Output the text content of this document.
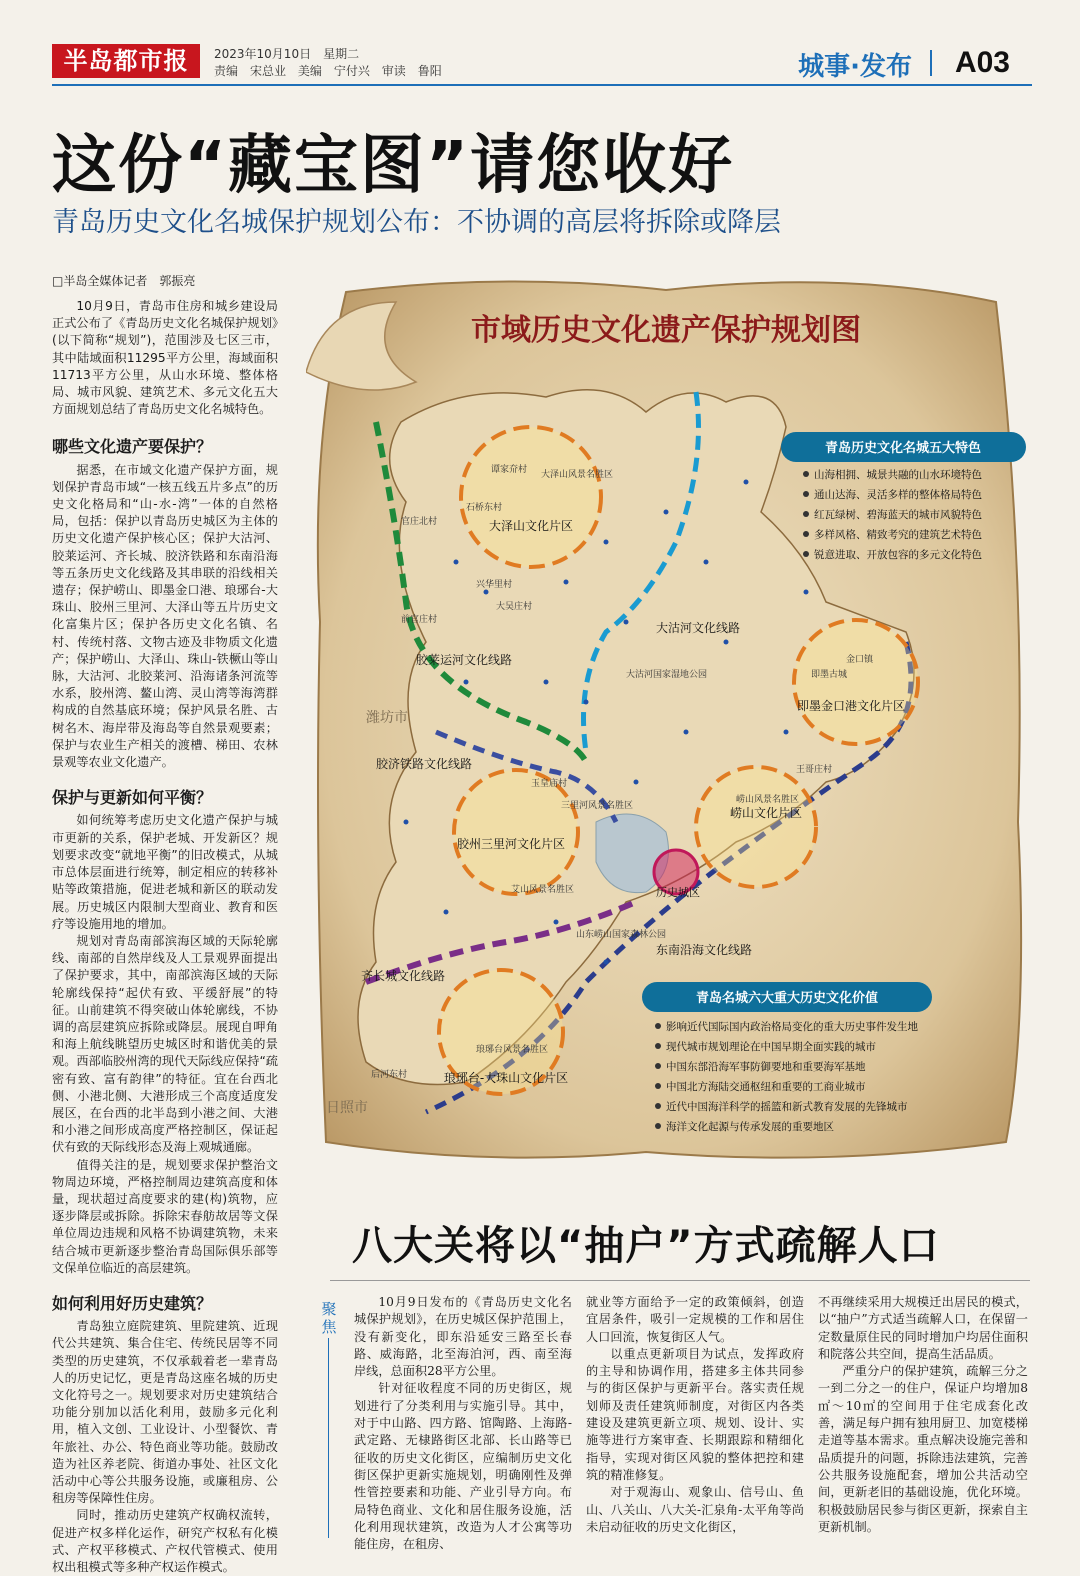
半岛都市报	2023年10月10日　星期二
责编　宋总业 美编　宁付兴 审读　鲁阳	城事·发布 A03
这份“藏宝图”请您收好
青岛历史文化名城保护规划公布：不协调的高层将拆除或降层
□半岛全媒体记者　郭振亮

10月9日，青岛市住房和城乡建设局正式公布了《青岛历史文化名城保护规划》(以下简称“规划”)，范围涉及七区三市，其中陆域面积11295平方公里，海域面积11713平方公里，从山水环境、整体格局、城市风貌、建筑艺术、多元文化五大方面规划总结了青岛历史文化名城特色。

哪些文化遗产要保护？

据悉，在市域文化遗产保护方面，规划保护青岛市域“一核五线五片多点”的历史文化格局和“山-水-湾”一体的自然格局，包括：保护以青岛历史城区为主体的历史文化遗产保护核心区；保护大沽河、胶莱运河、齐长城、胶济铁路和东南沿海等五条历史文化线路及其串联的沿线相关遗存；保护崂山、即墨金口港、琅琊台-大珠山、胶州三里河、大泽山等五片历史文化富集片区；保护各历史文化名镇、名村、传统村落、文物古迹及非物质文化遗产；保护崂山、大泽山、珠山-铁橛山等山脉，大沽河、北胶莱河、沿海诸条河流等水系，胶州湾、鳌山湾、灵山湾等海湾群构成的自然基底环境；保护风景名胜、古树名木、海岸带及海岛等自然景观要素；保护与农业生产相关的渡槽、梯田、农林景观等农业文化遗产。

保护与更新如何平衡？

如何统筹考虑历史文化遗产保护与城市更新的关系，保护老城、开发新区？规划要求改变“就地平衡”的旧改模式，从城市总体层面进行统筹，制定相应的转移补贴等政策措施，促进老城和新区的联动发展。历史城区内限制大型商业、教育和医疗等设施用地的增加。

规划对青岛南部滨海区域的天际轮廓线、南部的自然岸线及人工景观界面提出了保护要求，其中，南部滨海区域的天际轮廓线保持“起伏有致、平缓舒展”的特征。山前建筑不得突破山体轮廓线，不协调的高层建筑应拆除或降层。展现自呷角和海上航线眺望历史城区时和谐优美的景观。西部临胶州湾的现代天际线应保持“疏密有致、富有韵律”的特征。宜在台西北侧、小港北侧、大港形成三个高度适度发展区，在台西的北半岛到小港之间、大港和小港之间形成高度严格控制区，保证起伏有致的天际线形态及海上观城通廊。

值得关注的是，规划要求保护整治文物周边环境，严格控制周边建筑高度和体量，现状超过高度要求的建(构)筑物，应逐步降层或拆除。拆除宋春舫故居等文保单位周边违规和风格不协调建筑物，未来结合城市更新逐步整治青岛国际俱乐部等文保单位临近的高层建筑。

如何利用好历史建筑？

青岛独立庭院建筑、里院建筑、近现代公共建筑、集合住宅、传统民居等不同类型的历史建筑，不仅承载着老一辈青岛人的历史记忆，更是青岛这座名城的历史文化符号之一。规划要求对历史建筑结合功能分别加以活化利用，鼓励多元化利用，植入文创、工业设计、小型餐饮、青年旅社、办公、特色商业等功能。鼓励改造为社区养老院、街道办事处、社区文化活动中心等公共服务设施，或廉租房、公租房等保障性住房。

同时，推动历史建筑产权确权流转，促进产权多样化运作，研究产权私有化模式、产权平移模式、产权代管模式、使用权出租模式等多种产权运作模式。

市域历史文化遗产保护规划图
大泽山文化片区
即墨金口港文化片区
崂山文化片区
胶州三里河文化片区
琅琊台-大珠山文化片区
历史城区
胶莱运河文化线路
大沽河文化线路
胶济铁路文化线路
齐长城文化线路
东南沿海文化线路
潍坊市
日照市
谭家夼村
石桥东村
大泽山风景名胜区
官庄北村
兴华里村
大吴庄村
前官庄村
玉皇庙村
三里河风景名胜区
艾山风景名胜区
琅琊台风景名胜区
后河东村
崂山风景名胜区
即墨古城
金口镇
大沽河国家湿地公园
王哥庄村
山东崂山国家森林公园
青岛历史文化名城五大特色
山海相拥、城景共融的山水环境特色
通山达海、灵活多样的整体格局特色
红瓦绿树、碧海蓝天的城市风貌特色
多样风格、精致考究的建筑艺术特色
锐意进取、开放包容的多元文化特色
青岛名城六大重大历史文化价值
影响近代国际国内政治格局变化的重大历史事件发生地
现代城市规划理论在中国早期全面实践的城市
中国东部沿海军事防御要地和重要海军基地
中国北方海陆交通枢纽和重要的工商业城市
近代中国海洋科学的摇篮和新式教育发展的先锋城市
海洋文化起源与传承发展的重要地区
八大关将以“抽户”方式疏解人口
聚焦

10月9日发布的《青岛历史文化名城保护规划》，在历史城区保护范围上，没有新变化，即东沿延安三路至长春路、威海路，北至海泊河，西、南至海岸线，总面积28平方公里。

针对征收程度不同的历史街区，规划进行了分类利用与实施引导。其中，对于中山路、四方路、馆陶路、上海路-武定路、无棣路街区北部、长山路等已征收的历史文化街区，应编制历史文化街区保护更新实施规划，明确刚性及弹性管控要素和功能、产业引导方向。布局特色商业、文化和居住服务设施，活化利用现状建筑，改造为人才公寓等功能住房，在租房、

就业等方面给予一定的政策倾斜，创造宜居条件，吸引一定规模的工作和居住人口回流，恢复街区人气。

以重点更新项目为试点，发挥政府的主导和协调作用，搭建多主体共同参与的街区保护与更新平台。落实责任规划师及责任建筑师制度，对街区内各类建设及建筑更新立项、规划、设计、实施等进行方案审查、长期跟踪和精细化指导，实现对街区风貌的整体把控和建筑的精准修复。

对于观海山、观象山、信号山、鱼山、八关山、八大关-汇泉角-太平角等尚未启动征收的历史文化街区，

不再继续采用大规模迁出居民的模式，以“抽户”方式适当疏解人口，在保留一定数量原住民的同时增加户均居住面积和院落公共空间，提高生活品质。

严重分户的保护建筑，疏解三分之一到二分之一的住户，保证户均增加8㎡～10㎡的空间用于住宅成套化改善，满足每户拥有独用厨卫、加宽楼梯走道等基本需求。重点解决设施完善和品质提升的问题，拆除违法建筑，完善公共服务设施配套，增加公共活动空间，更新老旧的基础设施，优化环境。积极鼓励居民参与街区更新，探索自主更新机制。
